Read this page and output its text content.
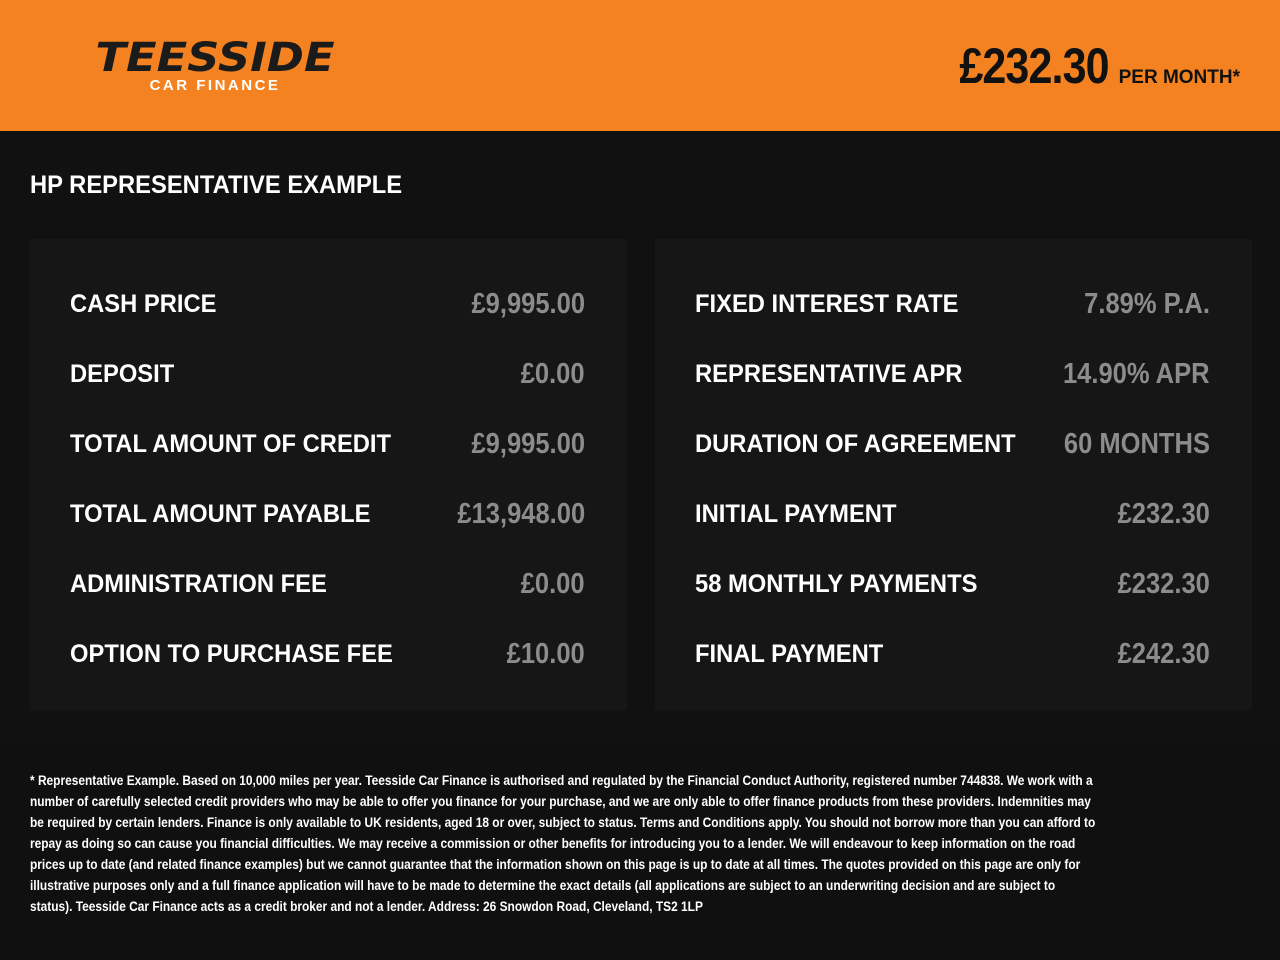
TEESSIDE
CAR FINANCE	£232.30 PER MONTH*
HP REPRESENTATIVE EXAMPLE
CASH PRICE	£9,995.00
DEPOSIT	£0.00
TOTAL AMOUNT OF CREDIT	£9,995.00
TOTAL AMOUNT PAYABLE	£13,948.00
ADMINISTRATION FEE	£0.00
OPTION TO PURCHASE FEE	£10.00
FIXED INTEREST RATE	7.89% P.A.
REPRESENTATIVE APR	14.90% APR
DURATION OF AGREEMENT 60 MONTHS
INITIAL PAYMENT	£232.30
58 MONTHLY PAYMENTS	£232.30
FINAL PAYMENT	£242.30
* Representative Example. Based on 10,000 miles per year. Teesside Car Finance is authorised and regulated by the Financial Conduct Authority, registered number 744838. We work with a number of carefully selected credit providers who may be able to offer you finance for your purchase, and we are only able to offer finance products from these providers. Indemnities may be required by certain lenders. Finance is only available to UK residents, aged 18 or over, subject to status. Terms and Conditions apply. You should not borrow more than you can afford to repay as doing so can cause you financial difficulties. We may receive a commission or other benefits for introducing you to a lender. We will endeavour to keep information on the road prices up to date (and related finance examples) but we cannot guarantee that the information shown on this page is up to date at all times. The quotes provided on this page are only for illustrative purposes only and a full finance application will have to be made to determine the exact details (all applications are subject to an underwriting decision and are subject to status). Teesside Car Finance acts as a credit broker and not a lender. Address: 26 Snowdon Road, Cleveland, TS2 1LP
